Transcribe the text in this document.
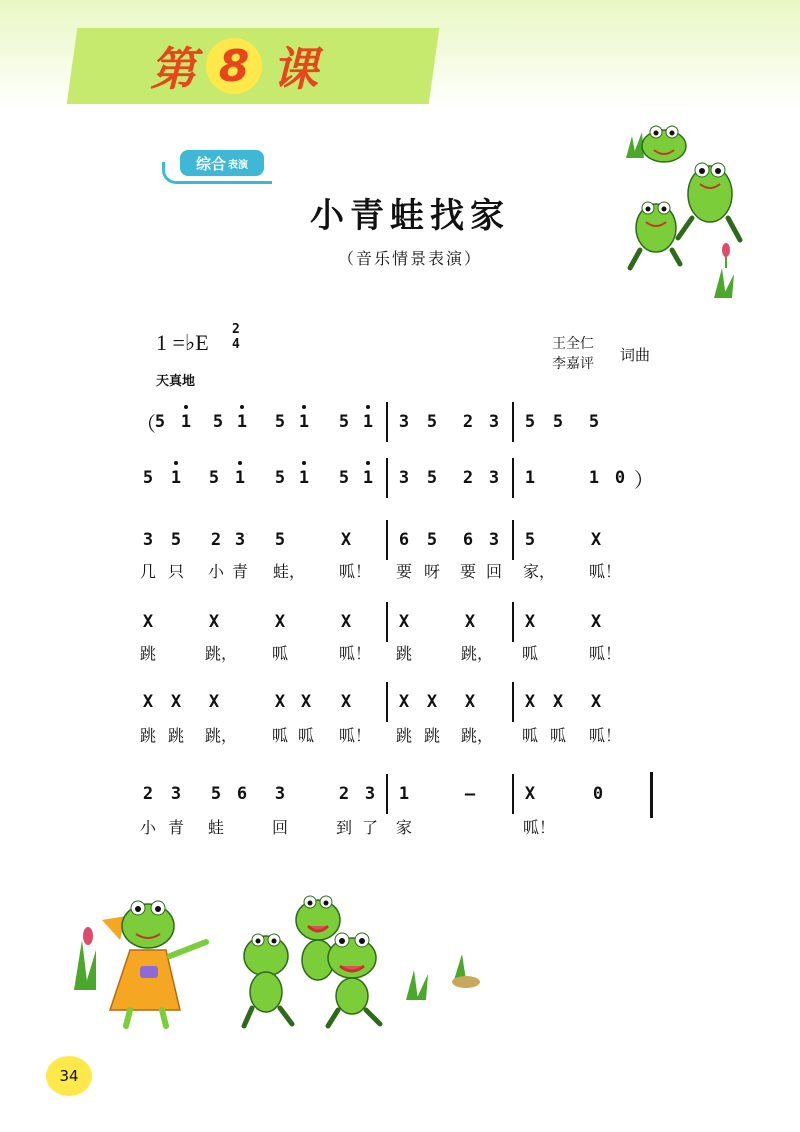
第 8 课
综合 表演
小青蛙找家
（音乐情景表演）
1 =♭E
2
4
天真地
王全仁
李嘉评 词曲
（
5 1	5 1	5 1	5 1	3	5	2 3	5	5	5
5	1	5 1	5 1	5 1	3	5	2 3	1	1 0 ）
3	5	2 3	5	X	6	5	6 3	5	X
几 只	小 青	蛙， 呱！	要 呀	要 回	家， 呱！
X	X	X	X	X	X	X	X
跳	跳，	呱	呱！	跳	跳，	呱	呱！
X	X	X	X X	X	X	X	X	X	X	X
跳 跳	跳，	呱 呱	呱！	跳 跳	跳，	呱 呱	呱！
2	3	5 6	3	2 3	1	–	X	0
小 青	蛙	回	到 了	家	呱！
34
